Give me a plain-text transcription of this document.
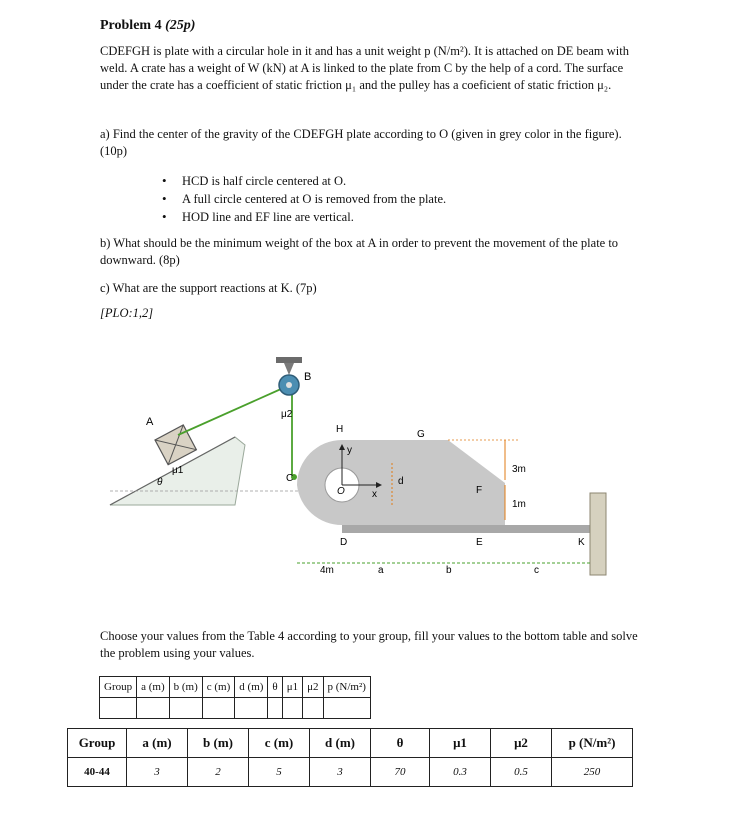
Problem 4 (25p)
CDEFGH is plate with a circular hole in it and has a unit weight p (N/m²). It is attached on DE beam with weld. A crate has a weight of W (kN) at A is linked to the plate from C by the help of a cord. The surface under the crate has a coefficient of static friction μ₁ and the pulley has a coeficient of static friction μ₂.
a) Find the center of the gravity of the CDEFGH plate according to O (given in grey color in the figure). (10p)
• HCD is half circle centered at O.
• A full circle centered at O is removed from the plate.
• HOD line and EF line are vertical.
b) What should be the minimum weight of the box at A in order to prevent the movement of the plate to downward. (8p)
c) What are the support reactions at K. (7p)
[PLO:1,2]
A
μ1
θ
B
μ2
C
H	G
F
O
y
x
d
3m
1m
D	E	K
4m	a	b	c
Choose your values from the Table 4 according to your group, fill your values to the bottom table and solve the problem using your values.
Group	a (m)	b (m)	c (m)	d (m)	θ	μ1	μ2	p (N/m²)

Group	a (m)	b (m)	c (m)	d (m)	θ	μ1	μ2	p (N/m²)
40-44	3	2	5	3	70	0.3	0.5	250
